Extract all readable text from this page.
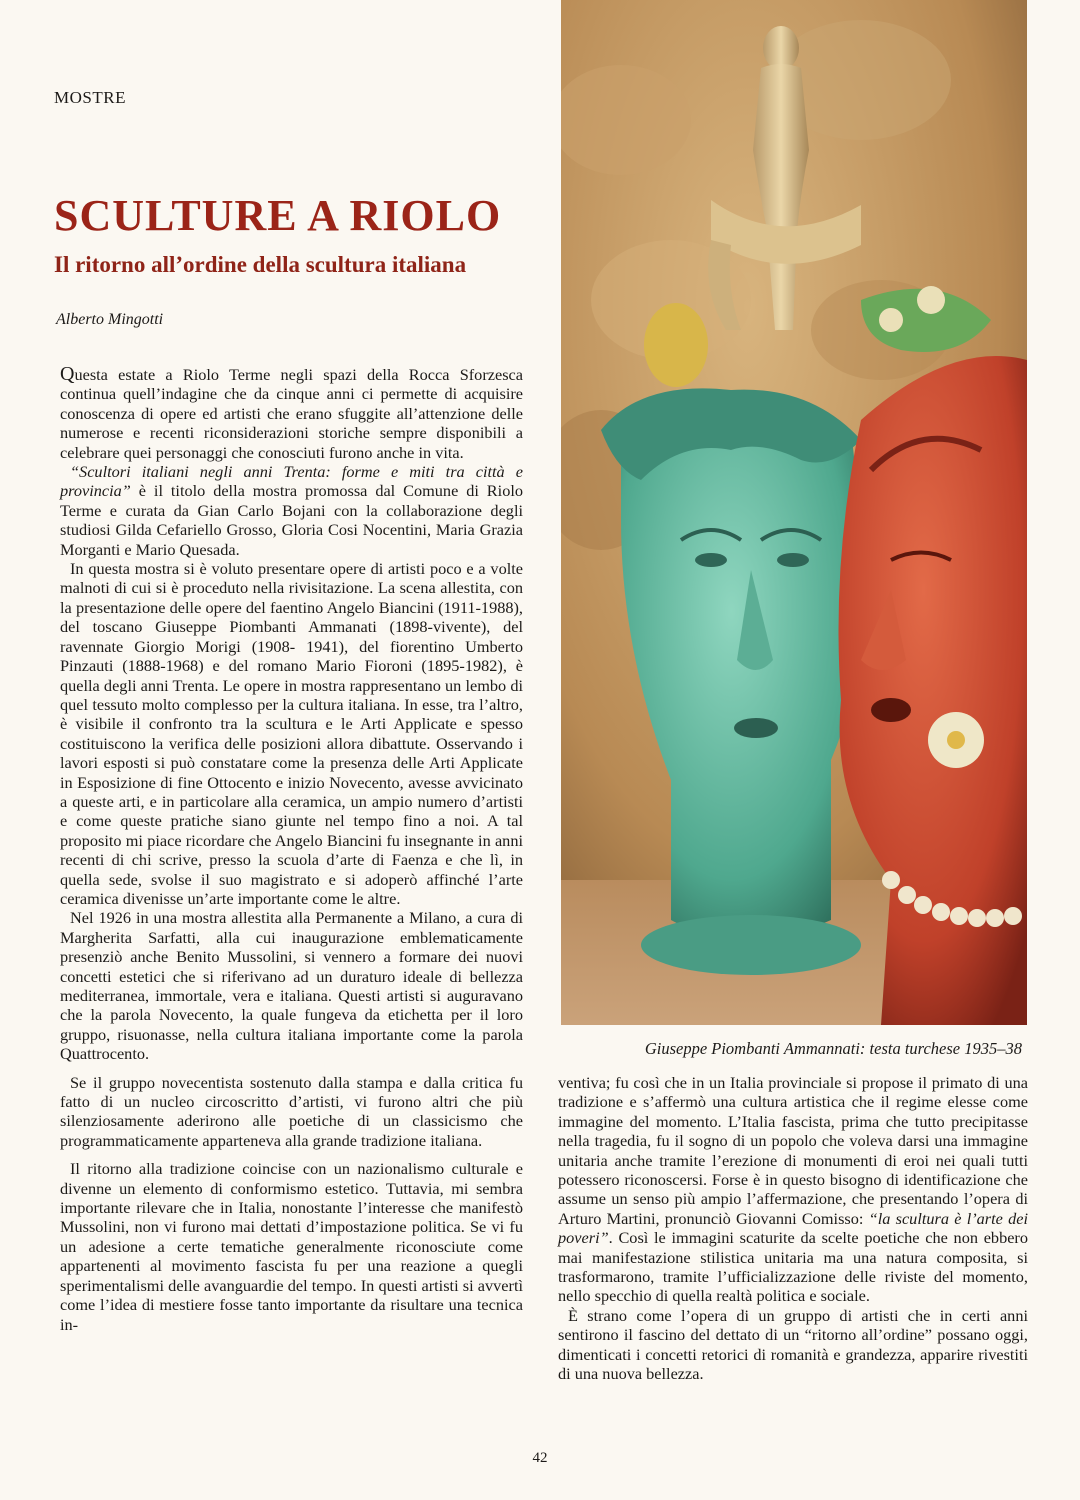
MOSTRE
SCULTURE A RIOLO
Il ritorno all’ordine della scultura italiana
Alberto Mingotti

Questa estate a Riolo Terme negli spazi della Rocca Sforzesca continua quell’indagine che da cinque anni ci permette di acquisire conoscenza di opere ed artisti che erano sfuggite all’attenzione delle numerose e recenti riconsiderazioni storiche sempre disponibili a celebrare quei personaggi che conosciuti furono anche in vita.

“Scultori italiani negli anni Trenta: forme e miti tra città e provincia” è il titolo della mostra promossa dal Comune di Riolo Terme e curata da Gian Carlo Bojani con la collaborazione degli studiosi Gilda Cefariello Grosso, Gloria Cosi Nocentini, Maria Grazia Morganti e Mario Quesada.

In questa mostra si è voluto presentare opere di artisti poco e a volte malnoti di cui si è proceduto nella rivisitazione. La scena allestita, con la presentazione delle opere del faentino Angelo Biancini (1911-1988), del toscano Giuseppe Piombanti Ammanati (1898-vivente), del ravennate Giorgio Morigi (1908- 1941), del fiorentino Umberto Pinzauti (1888-1968) e del romano Mario Fioroni (1895-1982), è quella degli anni Trenta. Le opere in mostra rappresentano un lembo di quel tessuto molto complesso per la cultura italiana. In esse, tra l’altro, è visibile il confronto tra la scultura e le Arti Applicate e spesso costituiscono la verifica delle posizioni allora dibattute. Osservando i lavori esposti si può constatare come la presenza delle Arti Applicate in Esposizione di fine Ottocento e inizio Novecento, avesse avvicinato a queste arti, e in particolare alla ceramica, un ampio numero d’artisti e come queste pratiche siano giunte nel tempo fino a noi. A tal proposito mi piace ricordare che Angelo Biancini fu insegnante in anni recenti di chi scrive, presso la scuola d’arte di Faenza e che lì, in quella sede, svolse il suo magistrato e si adoperò affinché l’arte ceramica divenisse un’arte importante come le altre.

Nel 1926 in una mostra allestita alla Permanente a Milano, a cura di Margherita Sarfatti, alla cui inaugurazione emblematicamente presenziò anche Benito Mussolini, si vennero a formare dei nuovi concetti estetici che si riferivano ad un duraturo ideale di bellezza mediterranea, immortale, vera e italiana. Questi artisti si auguravano che la parola Novecento, la quale fungeva da etichetta per il loro gruppo, risuonasse, nella cultura italiana importante come la parola Quattrocento.

Se il gruppo novecentista sostenuto dalla stampa e dalla critica fu fatto di un nucleo circoscritto d’artisti, vi furono altri che più silenziosamente aderirono alle poetiche di un classicismo che programmaticamente apparteneva alla grande tradizione italiana.

Il ritorno alla tradizione coincise con un nazionalismo culturale e divenne un elemento di conformismo estetico. Tuttavia, mi sembra importante rilevare che in Italia, nonostante l’interesse che manifestò Mussolini, non vi furono mai dettati d’impostazione politica. Se vi fu un adesione a certe tematiche generalmente riconosciute come appartenenti al movimento fascista fu per una reazione a quegli sperimentalismi delle avanguardie del tempo. In questi artisti si avvertì come l’idea di mestiere fosse tanto importante da risultare una tecnica in-

Giuseppe Piombanti Ammannati: testa turchese 1935–38

ventiva; fu così che in un Italia provinciale si propose il primato di una tradizione e s’affermò una cultura artistica che il regime elesse come immagine del momento. L’Italia fascista, prima che tutto precipitasse nella tragedia, fu il sogno di un popolo che voleva darsi una immagine unitaria anche tramite l’erezione di monumenti di eroi nei quali tutti potessero riconoscersi. Forse è in questo bisogno di identificazione che assume un senso più ampio l’affermazione, che presentando l’opera di Arturo Martini, pronunciò Giovanni Comisso: “la scultura è l’arte dei poveri”. Così le immagini scaturite da scelte poetiche che non ebbero mai manifestazione stilistica unitaria ma una natura composita, si trasformarono, tramite l’ufficializzazione delle riviste del momento, nello specchio di quella realtà politica e sociale.

È strano come l’opera di un gruppo di artisti che in certi anni sentirono il fascino del dettato di un “ritorno all’ordine” possano oggi, dimenticati i concetti retorici di romanità e grandezza, apparire rivestiti di una nuova bellezza.

42
